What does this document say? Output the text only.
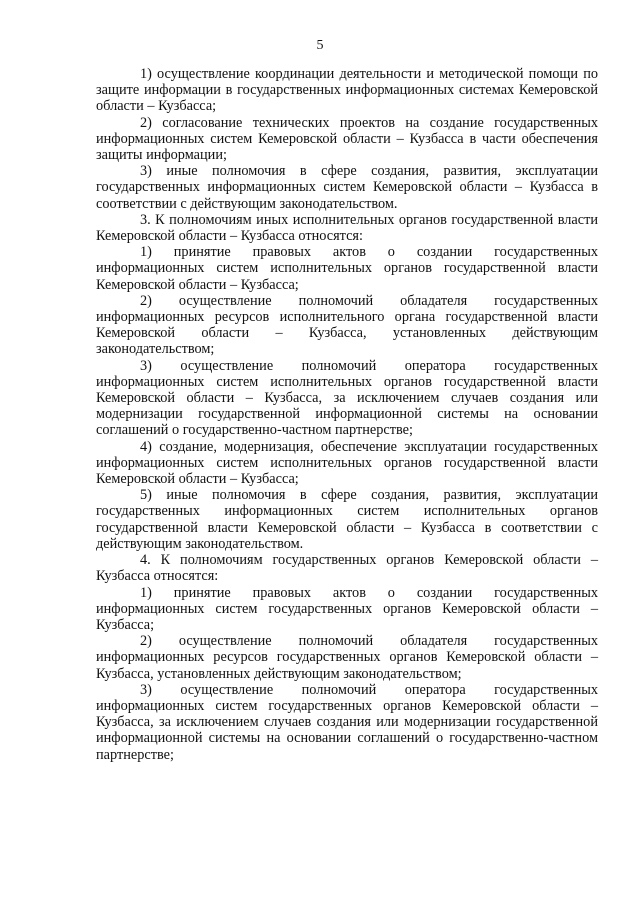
5

1) осуществление координации деятельности и методической помощи по защите информации в государственных информационных системах Кемеровской области – Кузбасса;

2) согласование технических проектов на создание государственных информационных систем Кемеровской области – Кузбасса в части обеспечения защиты информации;

3) иные полномочия в сфере создания, развития, эксплуатации государственных информационных систем Кемеровской области – Кузбасса в соответствии с действующим законодательством.

3. К полномочиям иных исполнительных органов государственной власти Кемеровской области – Кузбасса относятся:

1) принятие правовых актов о создании государственных информационных систем исполнительных органов государственной власти Кемеровской области – Кузбасса;

2) осуществление полномочий обладателя государственных информационных ресурсов исполнительного органа государственной власти Кемеровской области – Кузбасса, установленных действующим законодательством;

3) осуществление полномочий оператора государственных информационных систем исполнительных органов государственной власти Кемеровской области – Кузбасса, за исключением случаев создания или модернизации государственной информационной системы на основании соглашений о государственно-частном партнерстве;

4) создание, модернизация, обеспечение эксплуатации государственных информационных систем исполнительных органов государственной власти Кемеровской области – Кузбасса;

5) иные полномочия в сфере создания, развития, эксплуатации государственных информационных систем исполнительных органов государственной власти Кемеровской области – Кузбасса в соответствии с действующим законодательством.

4. К полномочиям государственных органов Кемеровской области – Кузбасса относятся:

1) принятие правовых актов о создании государственных информационных систем государственных органов Кемеровской области – Кузбасса;

2) осуществление полномочий обладателя государственных информационных ресурсов государственных органов Кемеровской области – Кузбасса, установленных действующим законодательством;

3) осуществление полномочий оператора государственных информационных систем государственных органов Кемеровской области – Кузбасса, за исключением случаев создания или модернизации государственной информационной системы на основании соглашений о государственно-частном партнерстве;
